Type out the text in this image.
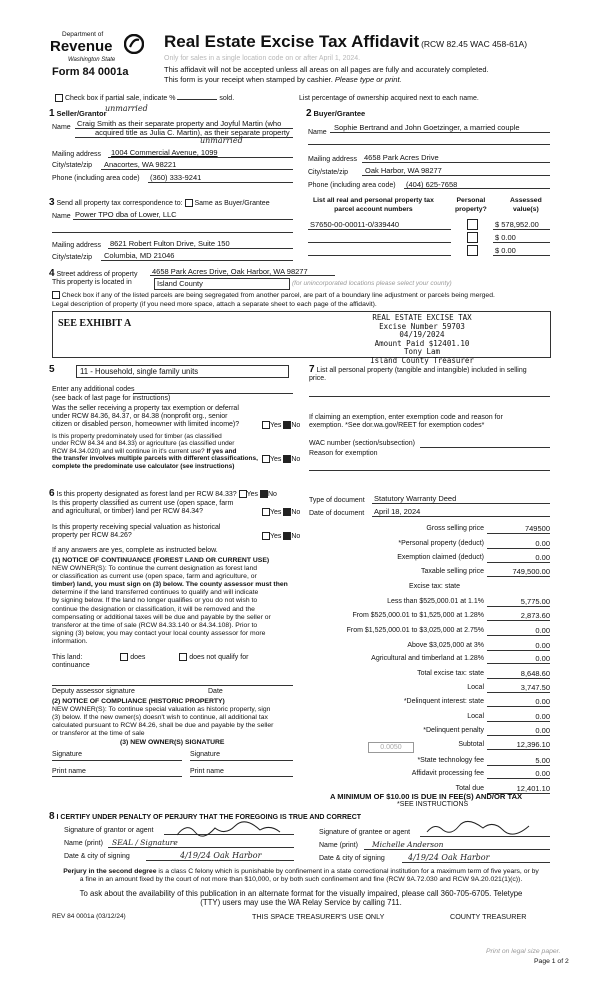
Department of
Revenue
Washington State
Form 84 0001a
Real Estate Excise Tax Affidavit (RCW 82.45 WAC 458-61A)
Only for sales in a single location code on or after April 1, 2024.
This affidavit will not be accepted unless all areas on all pages are fully and accurately completed.
This form is your receipt when stamped by cashier. Please type or print.
Check box if partial sale, indicate %	sold.	List percentage of ownership acquired next to each name.
1 Seller/Grantor
unmarried
Name Craig Smith as their separate property and Joyful Martin (who
acquired title as Julia C. Martin), as their separate property
unmarried
Mailing address 1004 Commercial Avenue, 1099
City/state/zip Anacortes, WA 98221
Phone (including area code) (360) 333-9241
2 Buyer/Grantee
Name
Sophie Bertrand and John Goetzinger, a married couple
Mailing address 4658 Park Acres Drive
City/state/zip Oak Harbor, WA 98277
Phone (including area code) (404) 625-7658
3 Send all property tax correspondence to: Same as Buyer/Grantee
Name Power TPO dba of Lower, LLC
Mailing address 8621 Robert Fulton Drive, Suite 150
City/state/zip Columbia, MD 21046
List all real and personal property tax
parcel account numbers
Personal
property?
Assessed
value(s)
S7650-00-00011-0/339440	$ 578,952.00
$ 0.00
$ 0.00
4 Street address of property 4658 Park Acres Drive, Oak Harbor, WA 98277
This property is located in	Island County	(for unincorporated locations please select your county)
Check box if any of the listed parcels are being segregated from another parcel, are part of a boundary line adjustment or parcels being merged.
Legal description of property (if you need more space, attach a separate sheet to each page of the affidavit).
SEE EXHIBIT A
REAL ESTATE EXCISE TAX
Excise Number 59703
04/19/2024
Amount Paid $12401.10
Tony Lam
Island County Treasurer
5	11 - Household, single family units
Enter any additional codes
(see back of last page for instructions)
Was the seller receiving a property tax exemption or deferral
under RCW 84.36, 84.37, or 84.38 (nonprofit org., senior
citizen or disabled person, homeowner with limited income)?	Yes No
Is this property predominately used for timber (as classified
under RCW 84.34 and 84.33) or agriculture (as classified under
RCW 84.34.020) and will continue in it's current use? If yes and
the transfer involves multiple parcels with different classifications,
complete the predominate use calculator (see instructions)
Yes No
7 List all personal property (tangible and intangible) included in selling
price.
If claiming an exemption, enter exemption code and reason for
exemption. *See dor.wa.gov/REET for exemption codes*
WAC number (section/subsection)
Reason for exemption
6 Is this property designated as forest land per RCW 84.33? Yes No
Is this property classified as current use (open space, farm
and agricultural, or timber) land per RCW 84.34?	Yes No
Is this property receiving special valuation as historical
property per RCW 84.26?	Yes No
If any answers are yes, complete as instructed below.
(1) NOTICE OF CONTINUANCE (FOREST LAND OR CURRENT USE)
NEW OWNER(S): To continue the current designation as forest land
or classification as current use (open space, farm and agriculture, or
timber) land, you must sign on (3) below. The county assessor must then
determine if the land transferred continues to qualify and will indicate
by signing below. If the land no longer qualifies or you do not wish to
continue the designation or classification, it will be removed and the
compensating or additional taxes will be due and payable by the seller or
transferor at the time of sale (RCW 84.33.140 or 84.34.108). Prior to
signing (3) below, you may contact your local county assessor for more
information.
This land:	does	does not qualify for
continuance
Deputy assessor signature	Date
(2) NOTICE OF COMPLIANCE (HISTORIC PROPERTY)
NEW OWNER(S): To continue special valuation as historic property, sign
(3) below. If the new owner(s) doesn't wish to continue, all additional tax
calculated pursuant to RCW 84.26, shall be due and payable by the seller
or transferor at the time of sale
(3) NEW OWNER(S) SIGNATURE
Signature	Signature
Print name	Print name
Type of document Statutory Warranty Deed
Date of document April 18, 2024
Gross selling price	749500
*Personal property (deduct)	0.00
Exemption claimed (deduct)	0.00
Taxable selling price	749,500.00
Excise tax: state
Less than $525,000.01 at 1.1%	5,775.00
From $525,000.01 to $1,525,000 at 1.28%	2,873.60
From $1,525,000.01 to $3,025,000 at 2.75%	0.00
Above $3,025,000 at 3%	0.00
Agricultural and timberland at 1.28%	0.00
Total excise tax: state	8,648.60
Local	3,747.50
*Delinquent interest: state	0.00
Local	0.00
*Delinquent penalty	0.00
Subtotal	12,396.10
*State technology fee	5.00
Affidavit processing fee	0.00
Total due	12,401.10
0.0050
A MINIMUM OF $10.00 IS DUE IN FEE(S) AND/OR TAX
*SEE INSTRUCTIONS
8 I CERTIFY UNDER PENALTY OF PERJURY THAT THE FOREGOING IS TRUE AND CORRECT
Signature of grantor or agent
Name (print) SEAL / Signature
Date & city of signing	4/19/24 Oak Harbor
Signature of grantee or agent
Name (print) Michelle Anderson
Date & city of signing	4/19/24 Oak Harbor
Perjury in the second degree is a class C felony which is punishable by confinement in a state correctional institution for a maximum term of five years, or by
a fine in an amount fixed by the court of not more than $10,000, or by both such confinement and fine (RCW 9A.72.030 and RCW 9A.20.021(1)(c)).
To ask about the availability of this publication in an alternate format for the visually impaired, please call 360-705-6705. Teletype
(TTY) users may use the WA Relay Service by calling 711.
REV 84 0001a (03/12/24)	THIS SPACE TREASURER'S USE ONLY	COUNTY TREASURER
Print on legal size paper.
Page 1 of 2
